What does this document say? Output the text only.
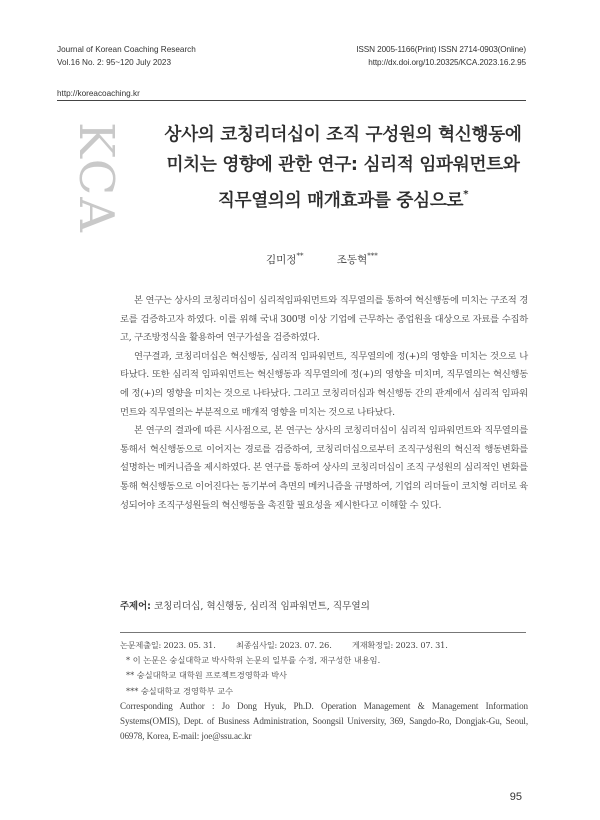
Journal of Korean Coaching Research
Vol.16 No. 2: 95~120 July 2023
ISSN 2005-1166(Print) ISSN 2714-0903(Online)
http://dx.doi.org/10.20325/KCA.2023.16.2.95
http://koreacoaching.kr
KCA	상사의 코칭리더십이 조직 구성원의 혁신행동에
미치는 영향에 관한 연구: 심리적 임파워먼트와
직무열의의 매개효과를 중심으로*
김미정**	조동혁***

본 연구는 상사의 코칭리더십이 심리적임파워먼트와 직무열의를 통하여 혁신행동에 미치는 구조적 경로를 검증하고자 하였다. 이를 위해 국내 300명 이상 기업에 근무하는 종업원을 대상으로 자료를 수집하고, 구조방정식을 활용하여 연구가설을 검증하였다.

연구결과, 코칭리더십은 혁신행동, 심리적 임파워먼트, 직무열의에 정(+)의 영향을 미치는 것으로 나타났다. 또한 심리적 임파워먼트는 혁신행동과 직무열의에 정(+)의 영향을 미치며, 직무열의는 혁신행동에 정(+)의 영향을 미치는 것으로 나타났다. 그리고 코칭리더십과 혁신행동 간의 관계에서 심리적 임파워먼트와 직무열의는 부분적으로 매개적 영향을 미치는 것으로 나타났다.

본 연구의 결과에 따른 시사점으로, 본 연구는 상사의 코칭리더십이 심리적 임파워먼트와 직무열의를 통해서 혁신행동으로 이어지는 경로를 검증하여, 코칭리더십으로부터 조직구성원의 혁신적 행동변화를 설명하는 메커니즘을 제시하였다. 본 연구를 통하여 상사의 코칭리더십이 조직 구성원의 심리적인 변화를 통해 혁신행동으로 이어진다는 동기부여 측면의 메커니즘을 규명하여, 기업의 리더들이 코치형 리더로 육성되어야 조직구성원들의 혁신행동을 촉진할 필요성을 제시한다고 이해할 수 있다.

주제어: 코칭리더십, 혁신행동, 심리적 임파워먼트, 직무열의
논문제출일: 2023. 05. 31. 최종심사일: 2023. 07. 26. 게재확정일: 2023. 07. 31.
* 이 논문은 숭실대학교 박사학위 논문의 일부를 수정, 재구성한 내용임.
** 숭실대학교 대학원 프로젝트경영학과 박사
*** 숭실대학교 경영학부 교수
Corresponding Author : Jo Dong Hyuk, Ph.D. Operation Management & Management Information Systems(OMIS), Dept. of Business Administration, Soongsil University, 369, Sangdo-Ro, Dongjak-Gu, Seoul, 06978, Korea, E-mail: joe@ssu.ac.kr
95
